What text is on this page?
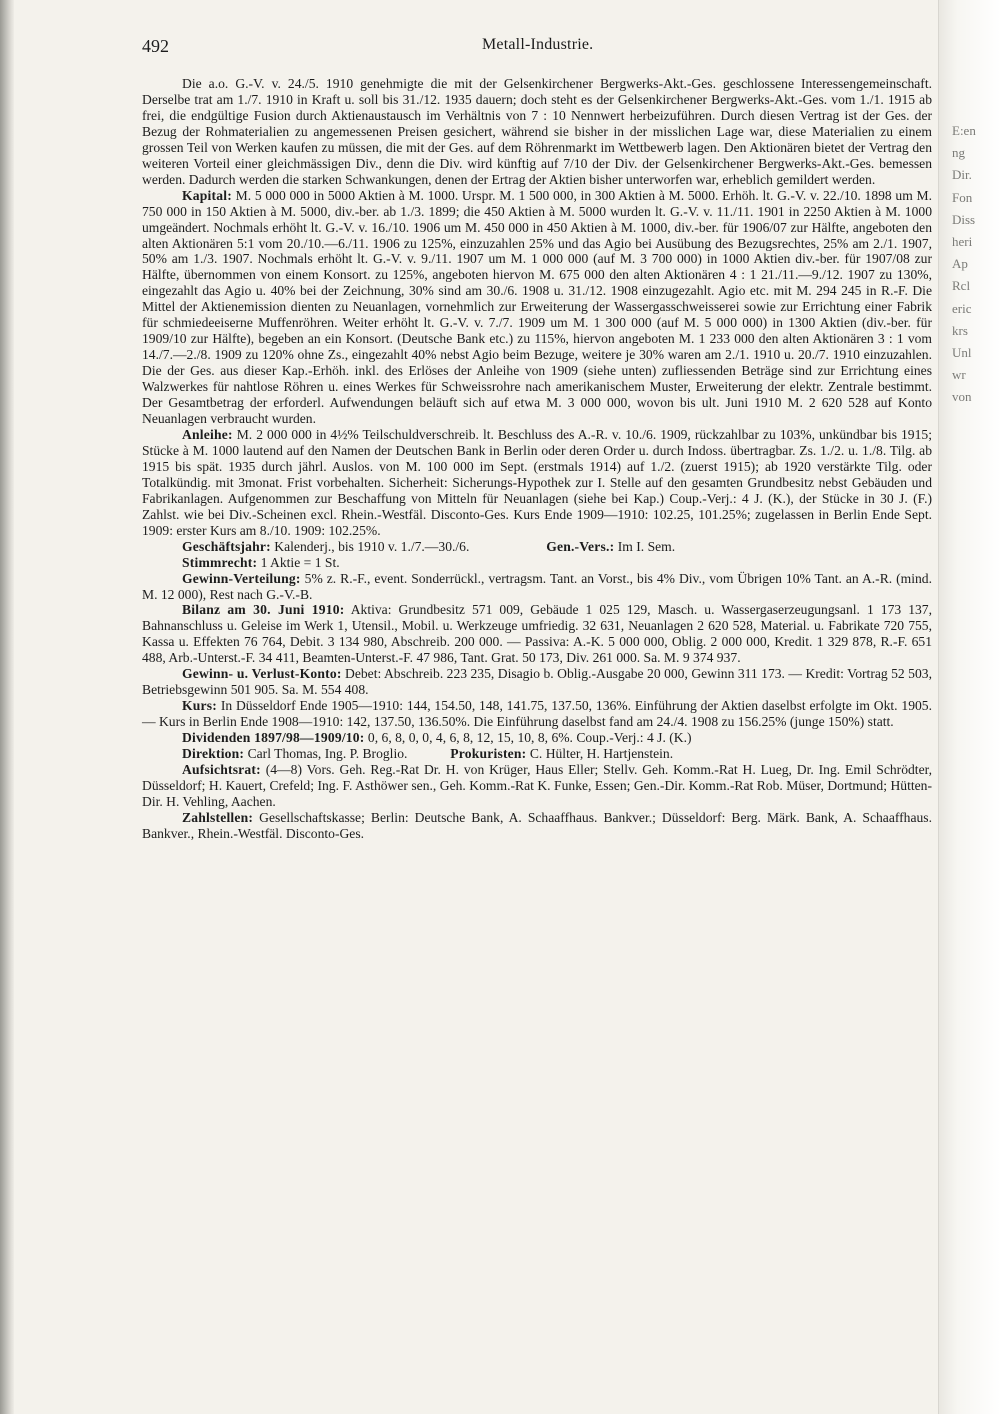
492	Metall-Industrie.

Die a.o. G.-V. v. 24./5. 1910 genehmigte die mit der Gelsenkirchener Bergwerks-Akt.-Ges. geschlossene Interessengemeinschaft. Derselbe trat am 1./7. 1910 in Kraft u. soll bis 31./12. 1935 dauern; doch steht es der Gelsenkirchener Bergwerks-Akt.-Ges. vom 1./1. 1915 ab frei, die endgültige Fusion durch Aktienaustausch im Verhältnis von 7 : 10 Nennwert herbeizuführen. Durch diesen Vertrag ist der Ges. der Bezug der Rohmaterialien zu angemessenen Preisen gesichert, während sie bisher in der misslichen Lage war, diese Materialien zu einem grossen Teil von Werken kaufen zu müssen, die mit der Ges. auf dem Röhrenmarkt im Wettbewerb lagen. Den Aktionären bietet der Vertrag den weiteren Vorteil einer gleichmässigen Div., denn die Div. wird künftig auf 7/10 der Div. der Gelsenkirchener Bergwerks-Akt.-Ges. bemessen werden. Dadurch werden die starken Schwankungen, denen der Ertrag der Aktien bisher unterworfen war, erheblich gemildert werden.

Kapital: M. 5 000 000 in 5000 Aktien à M. 1000. Urspr. M. 1 500 000, in 300 Aktien à M. 5000. Erhöh. lt. G.-V. v. 22./10. 1898 um M. 750 000 in 150 Aktien à M. 5000, div.-ber. ab 1./3. 1899; die 450 Aktien à M. 5000 wurden lt. G.-V. v. 11./11. 1901 in 2250 Aktien à M. 1000 umgeändert. Nochmals erhöht lt. G.-V. v. 16./10. 1906 um M. 450 000 in 450 Aktien à M. 1000, div.-ber. für 1906/07 zur Hälfte, angeboten den alten Aktionären 5:1 vom 20./10.—6./11. 1906 zu 125%, einzuzahlen 25% und das Agio bei Ausübung des Bezugsrechtes, 25% am 2./1. 1907, 50% am 1./3. 1907. Nochmals erhöht lt. G.-V. v. 9./11. 1907 um M. 1 000 000 (auf M. 3 700 000) in 1000 Aktien div.-ber. für 1907/08 zur Hälfte, übernommen von einem Konsort. zu 125%, angeboten hiervon M. 675 000 den alten Aktionären 4 : 1 21./11.—9./12. 1907 zu 130%, eingezahlt das Agio u. 40% bei der Zeichnung, 30% sind am 30./6. 1908 u. 31./12. 1908 einzugezahlt. Agio etc. mit M. 294 245 in R.-F. Die Mittel der Aktienemission dienten zu Neuanlagen, vornehmlich zur Erweiterung der Wassergasschweisserei sowie zur Errichtung einer Fabrik für schmiedeeiserne Muffenröhren. Weiter erhöht lt. G.-V. v. 7./7. 1909 um M. 1 300 000 (auf M. 5 000 000) in 1300 Aktien (div.-ber. für 1909/10 zur Hälfte), begeben an ein Konsort. (Deutsche Bank etc.) zu 115%, hiervon angeboten M. 1 233 000 den alten Aktionären 3 : 1 vom 14./7.—2./8. 1909 zu 120% ohne Zs., eingezahlt 40% nebst Agio beim Bezuge, weitere je 30% waren am 2./1. 1910 u. 20./7. 1910 einzuzahlen. Die der Ges. aus dieser Kap.-Erhöh. inkl. des Erlöses der Anleihe von 1909 (siehe unten) zufliessenden Beträge sind zur Errichtung eines Walzwerkes für nahtlose Röhren u. eines Werkes für Schweissrohre nach amerikanischem Muster, Erweiterung der elektr. Zentrale bestimmt. Der Gesamtbetrag der erforderl. Aufwendungen beläuft sich auf etwa M. 3 000 000, wovon bis ult. Juni 1910 M. 2 620 528 auf Konto Neuanlagen verbraucht wurden.

Anleihe: M. 2 000 000 in 4½% Teilschuldverschreib. lt. Beschluss des A.-R. v. 10./6. 1909, rückzahlbar zu 103%, unkündbar bis 1915; Stücke à M. 1000 lautend auf den Namen der Deutschen Bank in Berlin oder deren Order u. durch Indoss. übertragbar. Zs. 1./2. u. 1./8. Tilg. ab 1915 bis spät. 1935 durch jährl. Auslos. von M. 100 000 im Sept. (erstmals 1914) auf 1./2. (zuerst 1915); ab 1920 verstärkte Tilg. oder Totalkündig. mit 3monat. Frist vorbehalten. Sicherheit: Sicherungs-Hypothek zur I. Stelle auf den gesamten Grundbesitz nebst Gebäuden und Fabrikanlagen. Aufgenommen zur Beschaffung von Mitteln für Neuanlagen (siehe bei Kap.) Coup.-Verj.: 4 J. (K.), der Stücke in 30 J. (F.) Zahlst. wie bei Div.-Scheinen excl. Rhein.-Westfäl. Disconto-Ges. Kurs Ende 1909—1910: 102.25, 101.25%; zugelassen in Berlin Ende Sept. 1909: erster Kurs am 8./10. 1909: 102.25%.

Geschäftsjahr: Kalenderj., bis 1910 v. 1./7.—30./6.	Gen.-Vers.: Im I. Sem.

Stimmrecht: 1 Aktie = 1 St.

Gewinn-Verteilung: 5% z. R.-F., event. Sonderrückl., vertragsm. Tant. an Vorst., bis 4% Div., vom Übrigen 10% Tant. an A.-R. (mind. M. 12 000), Rest nach G.-V.-B.

Bilanz am 30. Juni 1910: Aktiva: Grundbesitz 571 009, Gebäude 1 025 129, Masch. u. Wassergaserzeugungsanl. 1 173 137, Bahnanschluss u. Geleise im Werk 1, Utensil., Mobil. u. Werkzeuge umfriedig. 32 631, Neuanlagen 2 620 528, Material. u. Fabrikate 720 755, Kassa u. Effekten 76 764, Debit. 3 134 980, Abschreib. 200 000. — Passiva: A.-K. 5 000 000, Oblig. 2 000 000, Kredit. 1 329 878, R.-F. 651 488, Arb.-Unterst.-F. 34 411, Beamten-Unterst.-F. 47 986, Tant. Grat. 50 173, Div. 261 000. Sa. M. 9 374 937.

Gewinn- u. Verlust-Konto: Debet: Abschreib. 223 235, Disagio b. Oblig.-Ausgabe 20 000, Gewinn 311 173. — Kredit: Vortrag 52 503, Betriebsgewinn 501 905. Sa. M. 554 408.

Kurs: In Düsseldorf Ende 1905—1910: 144, 154.50, 148, 141.75, 137.50, 136%. Einführung der Aktien daselbst erfolgte im Okt. 1905. — Kurs in Berlin Ende 1908—1910: 142, 137.50, 136.50%. Die Einführung daselbst fand am 24./4. 1908 zu 156.25% (junge 150%) statt.

Dividenden 1897/98—1909/10: 0, 6, 8, 0, 0, 4, 6, 8, 12, 15, 10, 8, 6%. Coup.-Verj.: 4 J. (K.)

Direktion: Carl Thomas, Ing. P. Broglio.	Prokuristen: C. Hülter, H. Hartjenstein.

Aufsichtsrat: (4—8) Vors. Geh. Reg.-Rat Dr. H. von Krüger, Haus Eller; Stellv. Geh. Komm.-Rat H. Lueg, Dr. Ing. Emil Schrödter, Düsseldorf; H. Kauert, Crefeld; Ing. F. Asthöwer sen., Geh. Komm.-Rat K. Funke, Essen; Gen.-Dir. Komm.-Rat Rob. Müser, Dortmund; Hütten-Dir. H. Vehling, Aachen.

Zahlstellen: Gesellschaftskasse; Berlin: Deutsche Bank, A. Schaaffhaus. Bankver.; Düsseldorf: Berg. Märk. Bank, A. Schaaffhaus. Bankver., Rhein.-Westfäl. Disconto-Ges.

E:en
ng
Dir.
Fon
Diss
heri
Ap
Rcl
eric
krs
Unl
wr
von
